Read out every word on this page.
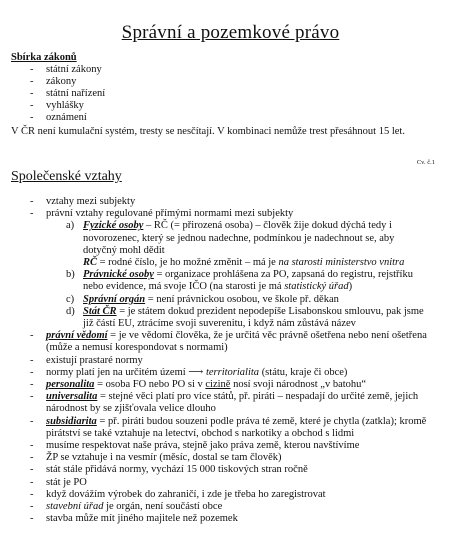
Správní a pozemkové právo
Sbírka zákonů
- státní zákony
- zákony
- státní nařízení
- vyhlášky
- oznámení
V ČR není kumulační systém, tresty se nesčítají. V kombinaci nemůže trest přesáhnout 15 let.
Cv. č.1
Společenské vztahy
- vztahy mezi subjekty
- právní vztahy regulované přímými normami mezi subjekty
a) Fyzické osoby – RČ (= přirozená osoba) – člověk žije dokud dýchá tedy i novorozenec, který se jednou nadechne, podmínkou je nadechnout se, aby dotyčný mohl dědit
RČ = rodné číslo, je ho možné změnit – má je na starosti ministerstvo vnitra
b) Právnické osoby = organizace prohlášena za PO, zapsaná do registru, rejstříku nebo evidence, má svoje IČO (na starosti je má statistický úřad)
c) Správní orgán = není právnickou osobou, ve škole př. děkan
d) Stát ČR = je státem dokud prezident nepodepíše Lisabonskou smlouvu, pak jsme již částí EU, ztrácíme svoji suverenitu, i když nám zůstává název
- právní vědomí = je ve vědomí člověka, že je určitá věc právně ošetřena nebo není ošetřena (může a nemusí korespondovat s normami)
- existují prastaré normy
- normy platí jen na určitém území ⟶ territorialita (státu, kraje či obce)
- personalita = osoba FO nebo PO si v cizině nosí svoji národnost „v batohu“
- universalita = stejné věci platí pro více států, př. piráti – nespadají do určité země, jejich národnost by se zjišťovala velice dlouho
- subsidiarita = př. piráti budou souzeni podle práva té země, které je chytla (zatkla); kromě pirátství se také vztahuje na letectví, obchod s narkotiky a obchod s lidmi
- musíme respektovat naše práva, stejně jako práva země, kterou navštívíme
- ŽP se vztahuje i na vesmír (měsíc, dostal se tam člověk)
- stát stále přidává normy, vychází 15 000 tiskových stran ročně
- stát je PO
- když dovážím výrobek do zahraničí, i zde je třeba ho zaregistrovat
- stavební úřad je orgán, není součástí obce
- stavba může mít jiného majitele než pozemek
